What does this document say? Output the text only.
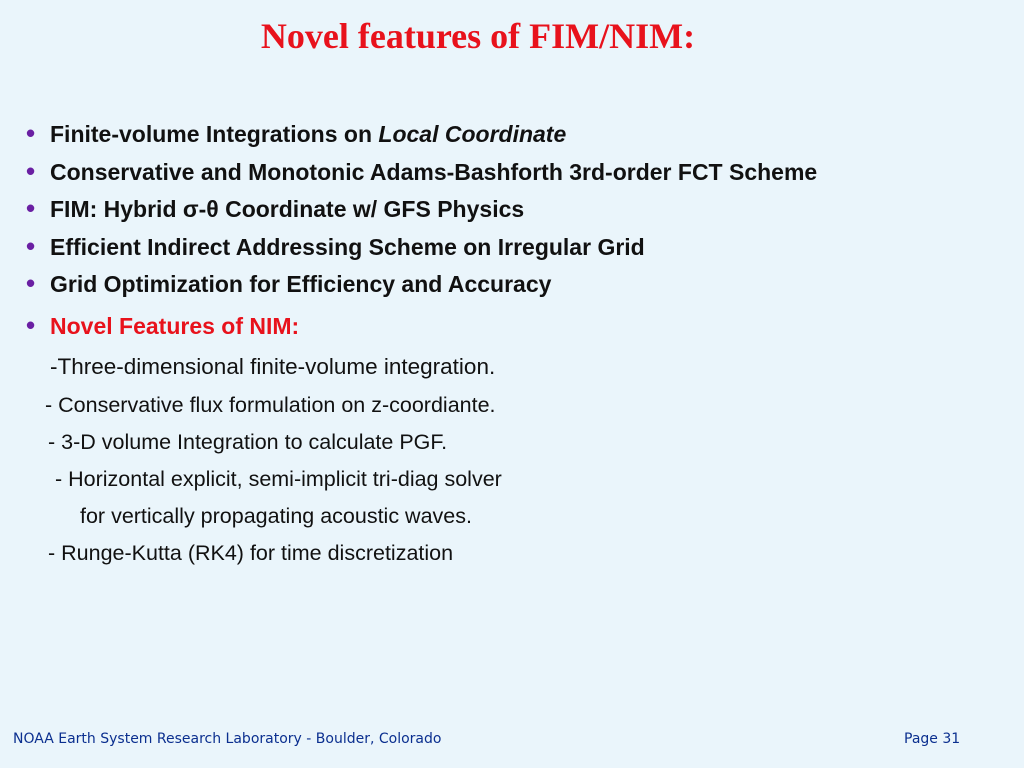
Novel features of FIM/NIM:
• Finite-volume Integrations on Local Coordinate
• Conservative and Monotonic Adams-Bashforth 3rd-order FCT Scheme
• FIM: Hybrid σ-θ Coordinate w/ GFS Physics
• Efficient Indirect Addressing Scheme on Irregular Grid
• Grid Optimization for Efficiency and Accuracy
• Novel Features of NIM:
-Three-dimensional finite-volume integration.
- Conservative flux formulation on z-coordiante.
- 3-D volume Integration to calculate PGF.
- Horizontal explicit, semi-implicit tri-diag solver
for vertically propagating acoustic waves.
- Runge-Kutta (RK4) for time discretization
NOAA Earth System Research Laboratory - Boulder, Colorado	Page 31
